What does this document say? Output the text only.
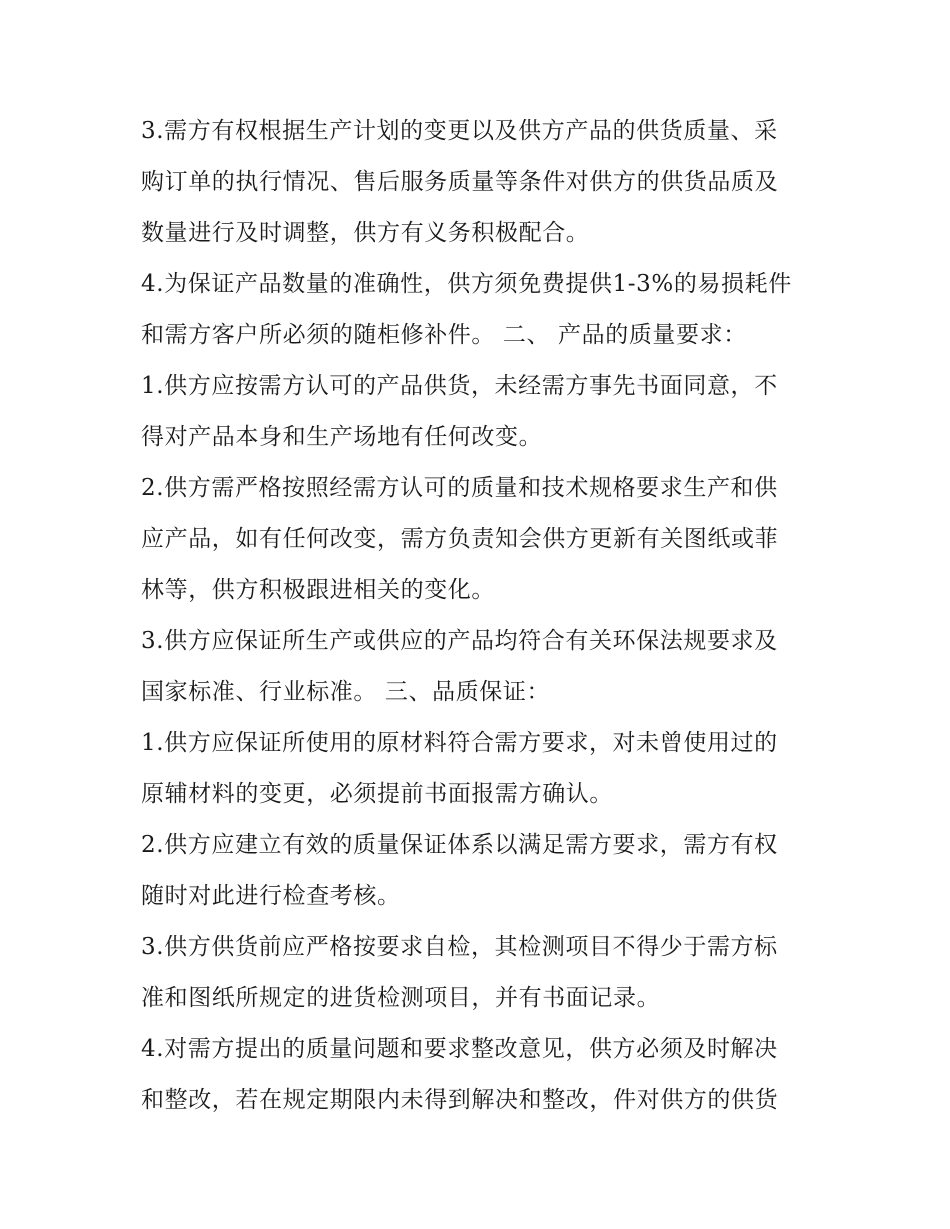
3.需方有权根据生产计划的变更以及供方产品的供货质量、采
购订单的执行情况、售后服务质量等条件对供方的供货品质及
数量进行及时调整，供方有义务积极配合。
4.为保证产品数量的准确性，供方须免费提供1-3%的易损耗件
和需方客户所必须的随柜修补件。 二、 产品的质量要求：
1.供方应按需方认可的产品供货，未经需方事先书面同意，不
得对产品本身和生产场地有任何改变。
2.供方需严格按照经需方认可的质量和技术规格要求生产和供
应产品，如有任何改变，需方负责知会供方更新有关图纸或菲
林等，供方积极跟进相关的变化。
3.供方应保证所生产或供应的产品均符合有关环保法规要求及
国家标准、行业标准。 三、品质保证：
1.供方应保证所使用的原材料符合需方要求，对未曾使用过的
原辅材料的变更，必须提前书面报需方确认。
2.供方应建立有效的质量保证体系以满足需方要求，需方有权
随时对此进行检查考核。
3.供方供货前应严格按要求自检，其检测项目不得少于需方标
准和图纸所规定的进货检测项目，并有书面记录。
4.对需方提出的质量问题和要求整改意见，供方必须及时解决
和整改，若在规定期限内未得到解决和整改，件对供方的供货
